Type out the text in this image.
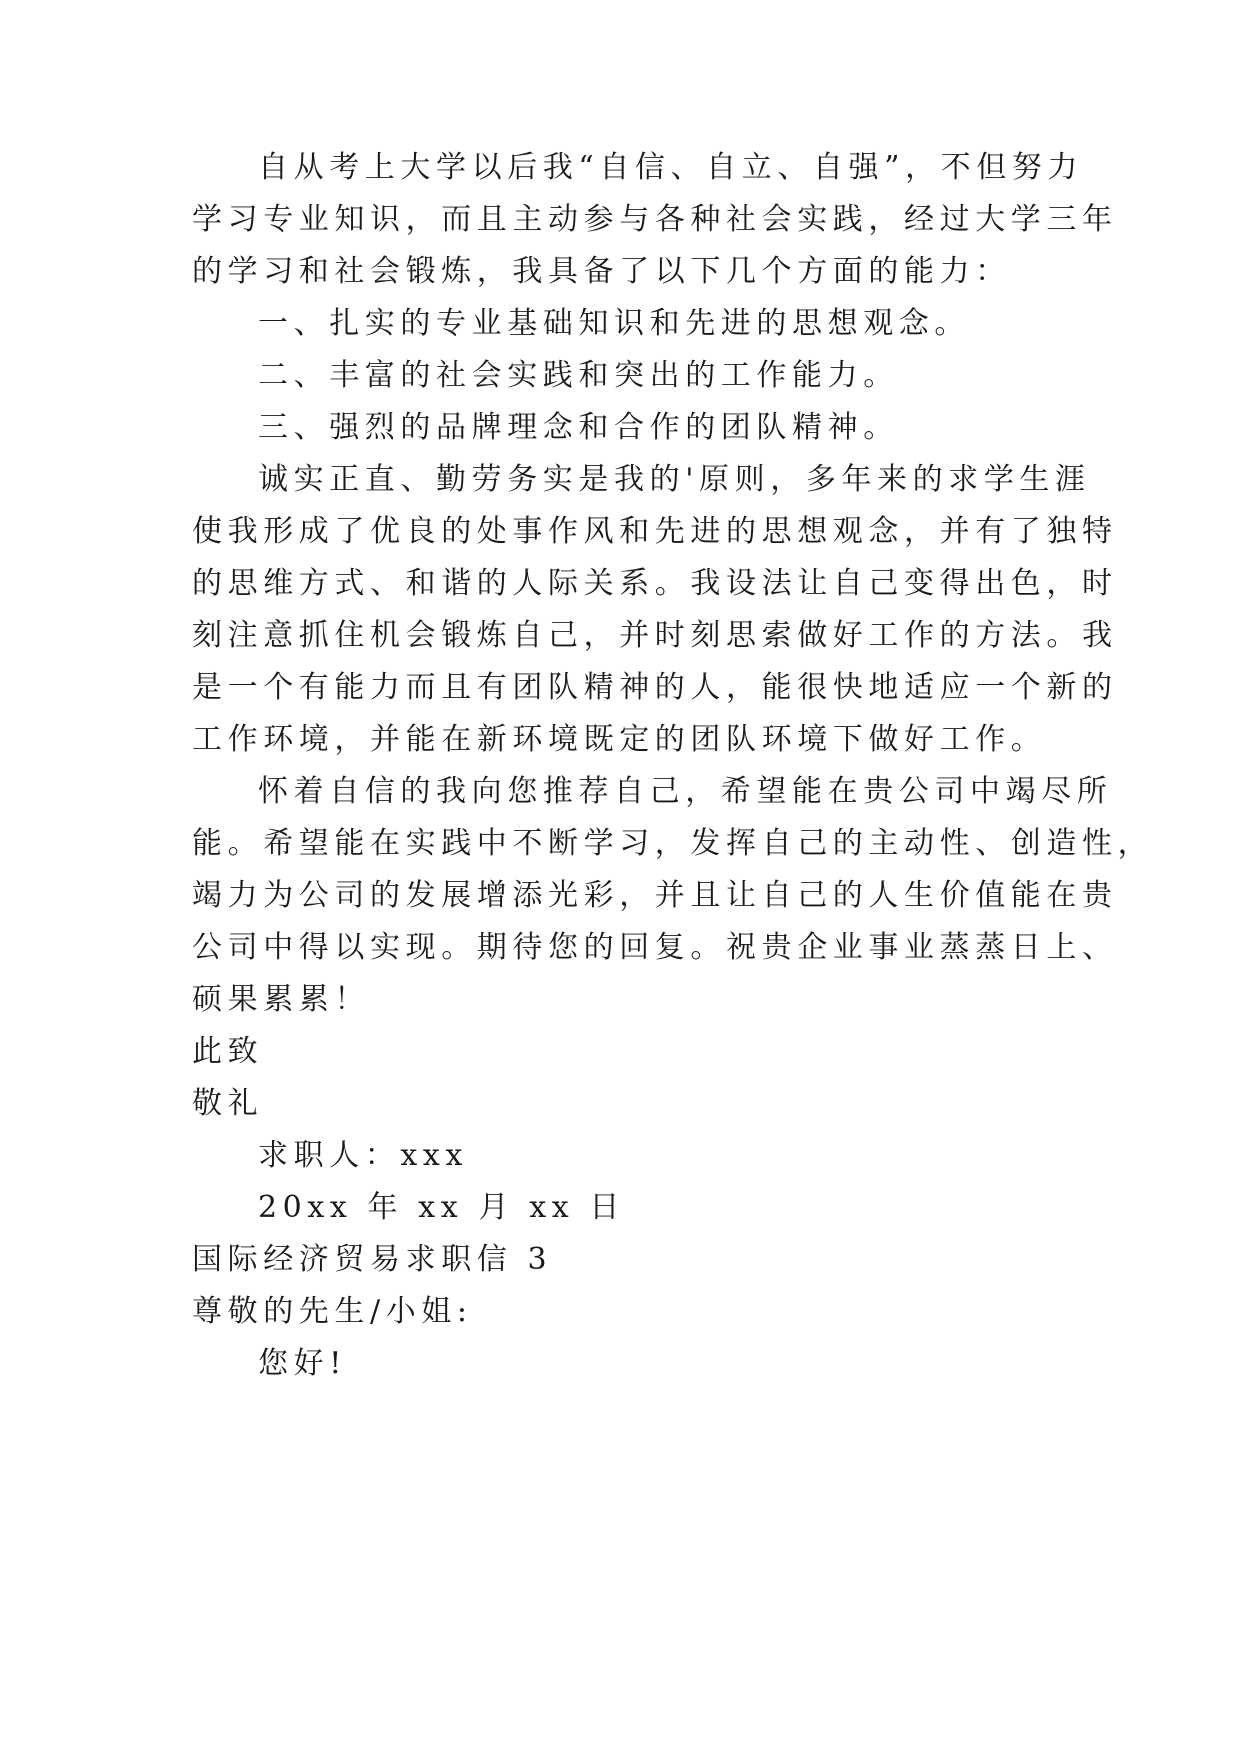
自从考上大学以后我“自信、自立、自强”，不但努力
学习专业知识，而且主动参与各种社会实践，经过大学三年
的学习和社会锻炼，我具备了以下几个方面的能力：
一、扎实的专业基础知识和先进的思想观念。
二、丰富的社会实践和突出的工作能力。
三、强烈的品牌理念和合作的团队精神。
诚实正直、勤劳务实是我的'原则，多年来的求学生涯
使我形成了优良的处事作风和先进的思想观念，并有了独特
的思维方式、和谐的人际关系。我设法让自己变得出色，时
刻注意抓住机会锻炼自己，并时刻思索做好工作的方法。我
是一个有能力而且有团队精神的人，能很快地适应一个新的
工作环境，并能在新环境既定的团队环境下做好工作。
怀着自信的我向您推荐自己，希望能在贵公司中竭尽所
能。希望能在实践中不断学习，发挥自己的主动性、创造性，
竭力为公司的发展增添光彩，并且让自己的人生价值能在贵
公司中得以实现。期待您的回复。祝贵企业事业蒸蒸日上、
硕果累累！
此致
敬礼
求职人：xxx
20xx 年 xx 月 xx 日
国际经济贸易求职信 3
尊敬的先生/小姐:
您好!
